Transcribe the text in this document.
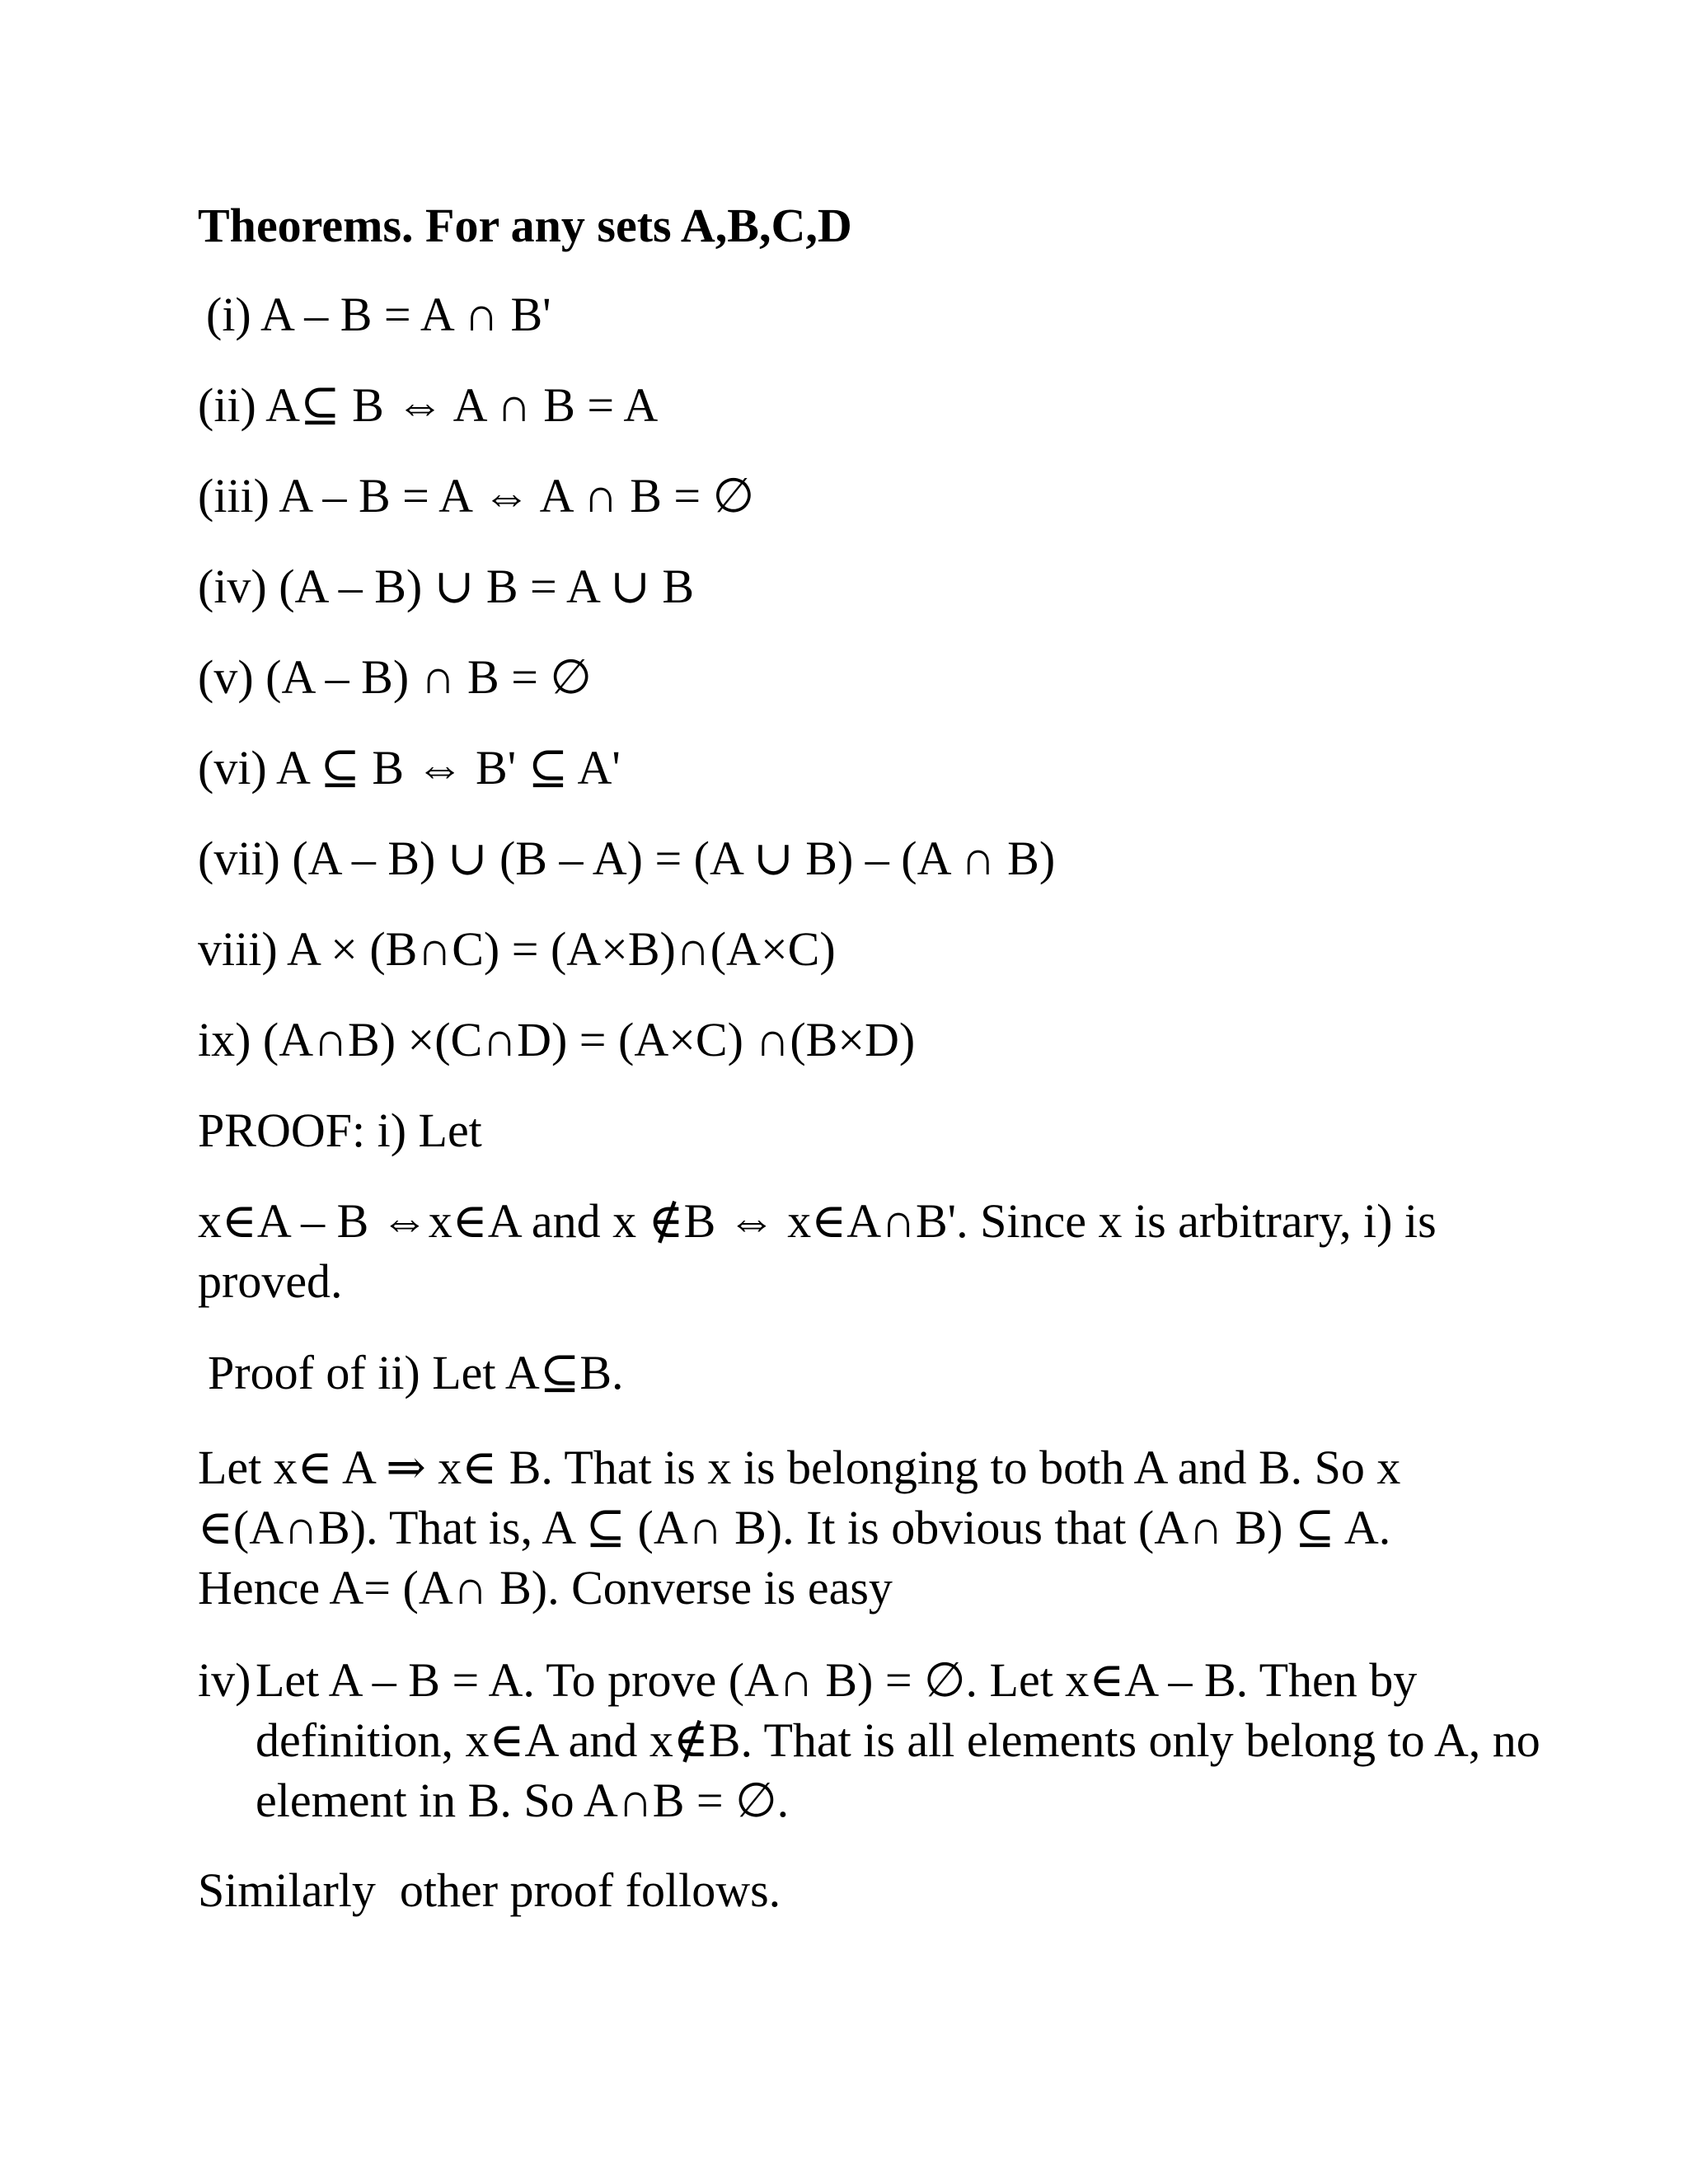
Theorems. For any sets A,B,C,D
(i) A – B = A ∩ B'
(ii) A⊆ B ⇔ A ∩ B = A
(iii) A – B = A ⇔ A ∩ B = ∅
(iv) (A – B) ∪ B = A ∪ B
(v) (A – B) ∩ B = ∅
(vi) A ⊆ B ⇔ B' ⊆ A'
(vii) (A – B) ∪ (B – A) = (A ∪ B) – (A ∩ B)
viii) A × (B∩C) = (A×B)∩(A×C)
ix) (A∩B) ×(C∩D) = (A×C) ∩(B×D)
PROOF: i) Let
x∈A – B ⇔x∈A and x ∉B ⇔ x∈A∩B'. Since x is arbitrary, i) is proved.
Proof of ii) Let A⊆B.
Let x∈ A ⇒ x∈ B. That is x is belonging to both A and B. So x ∈(A∩B). That is, A ⊆ (A∩ B). It is obvious that (A∩ B) ⊆ A. Hence A= (A∩ B). Converse is easy
iv) Let A – B = A. To prove (A∩ B) = ∅. Let x∈A – B. Then by definition, x∈A and x∉B. That is all elements only belong to A, no element in B. So A∩B = ∅.
Similarly  other proof follows.
